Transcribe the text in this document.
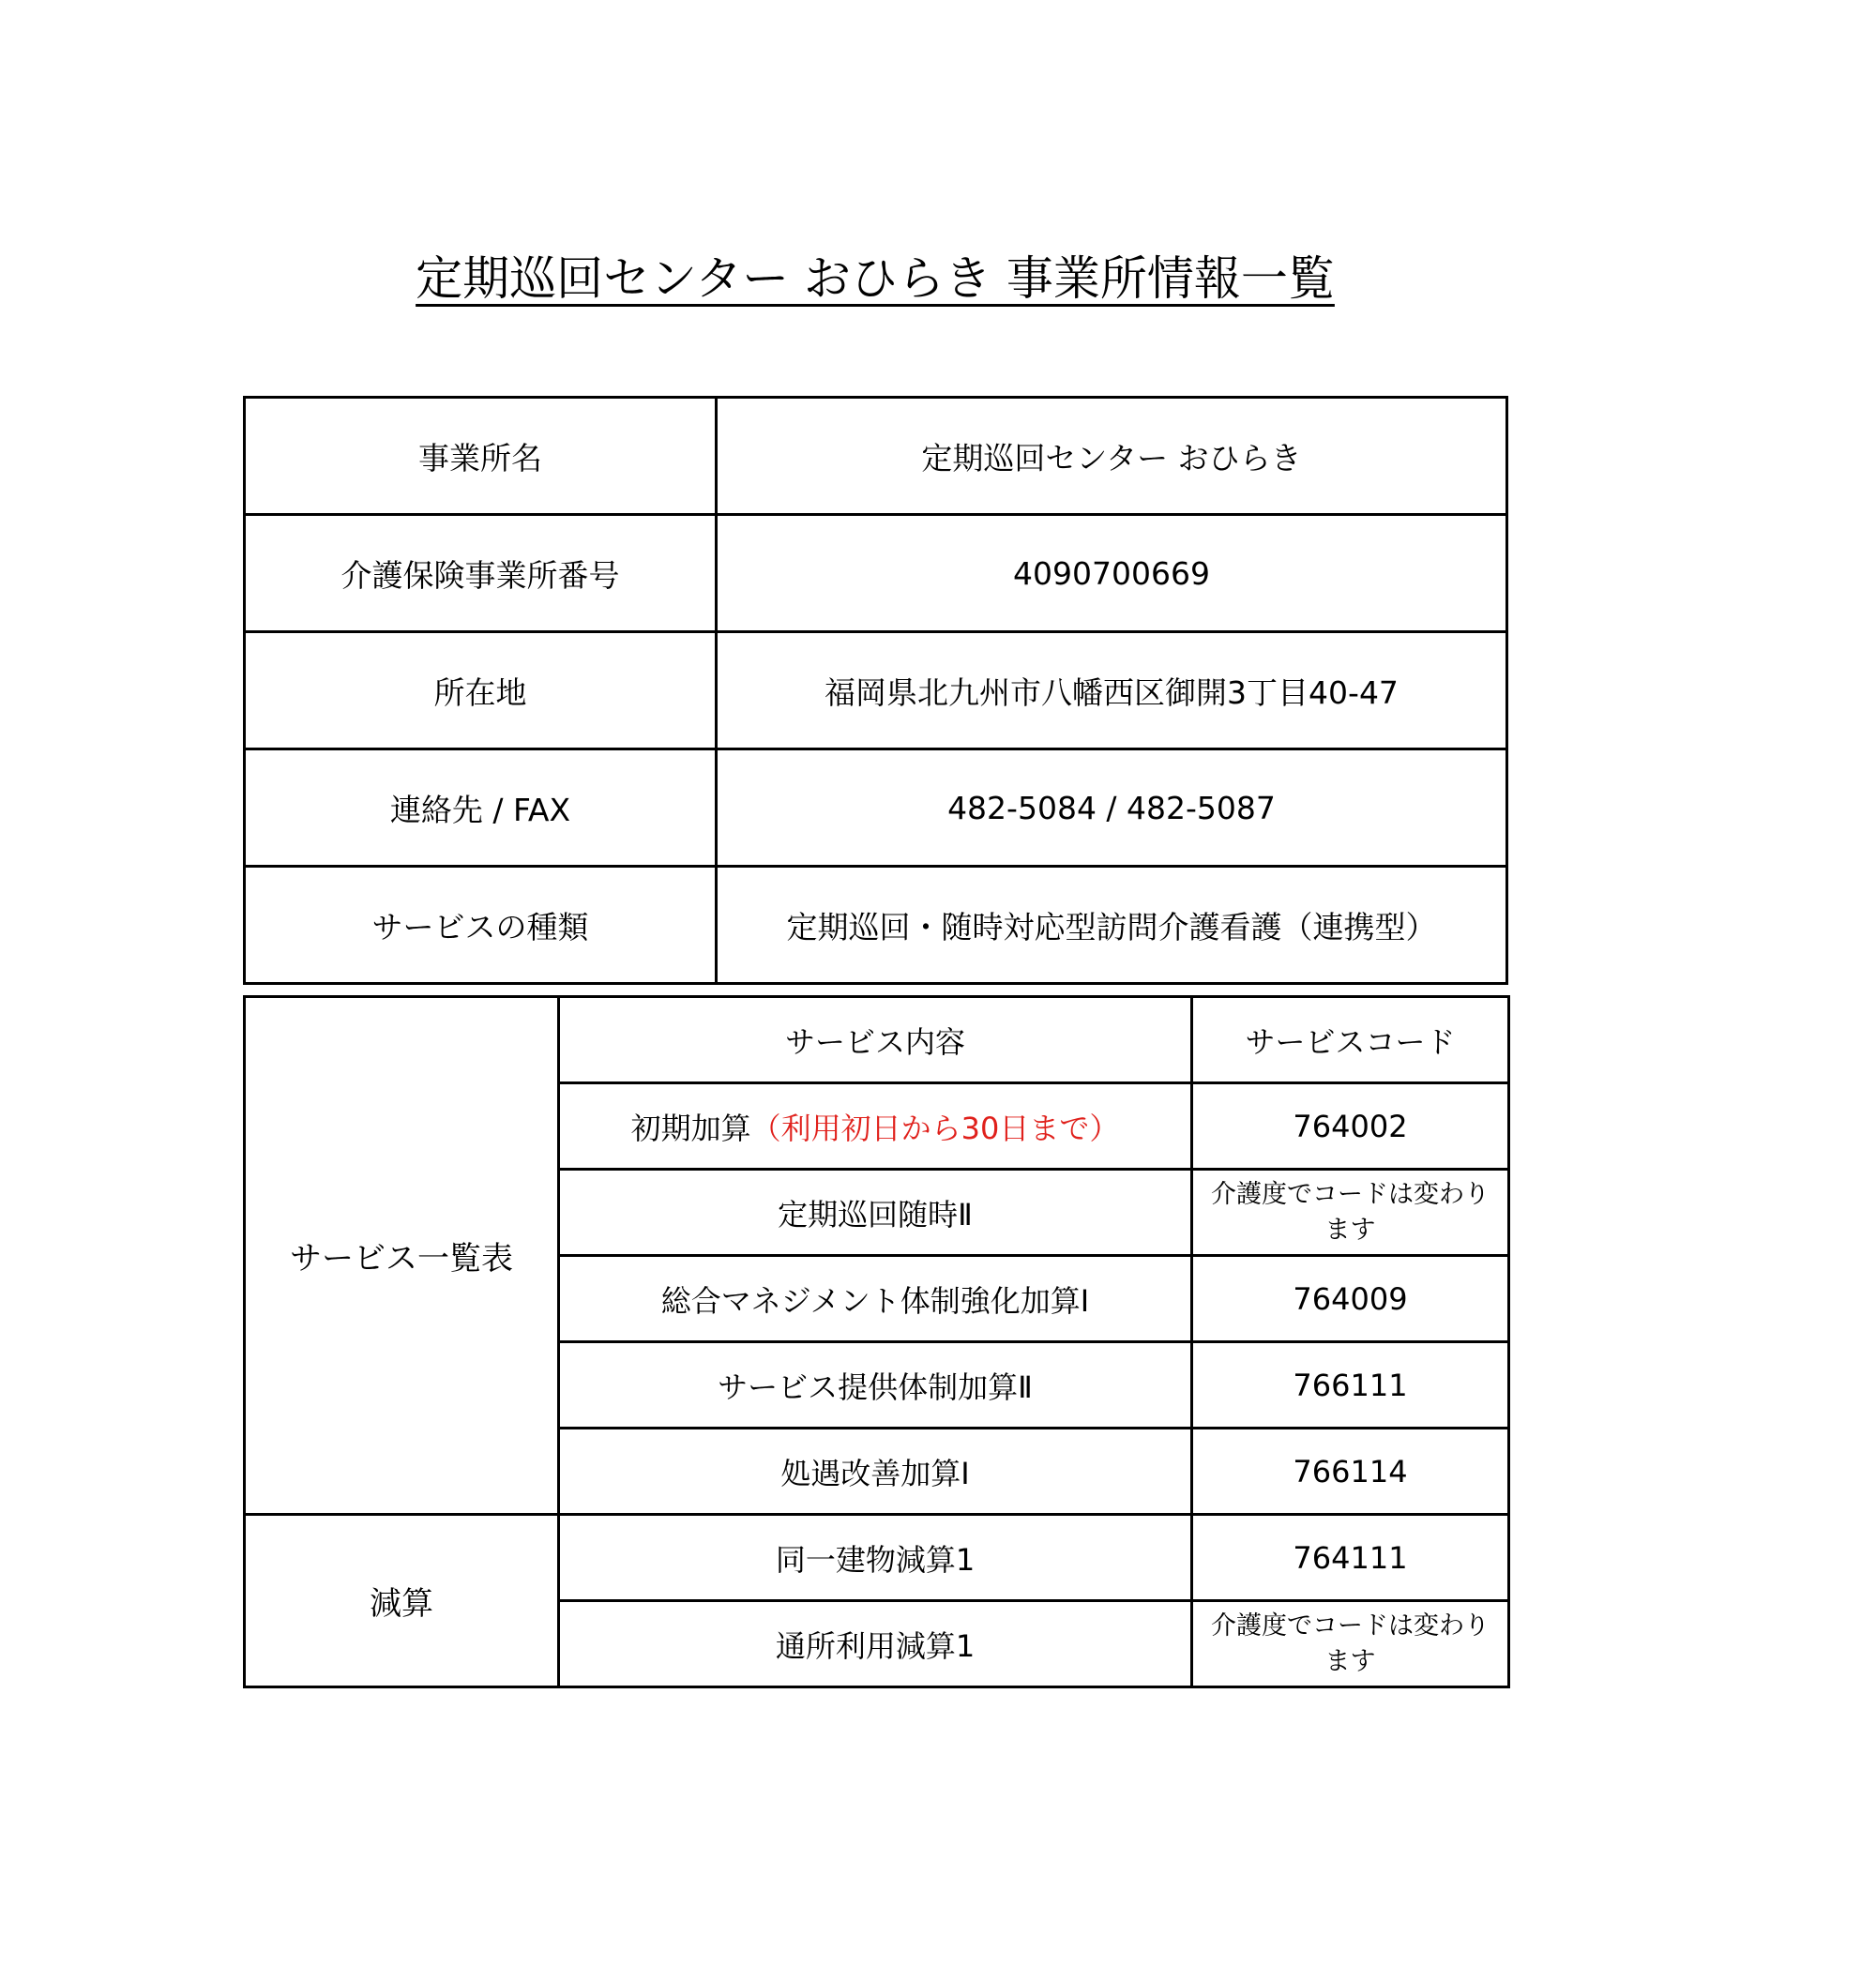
定期巡回センター おひらき 事業所情報一覧
事業所名	定期巡回センター おひらき
介護保険事業所番号	4090700669
所在地	福岡県北九州市八幡西区御開3丁目40-47
連絡先 / FAX	482-5084 / 482-5087
サービスの種類	定期巡回・随時対応型訪問介護看護（連携型）
サービス一覧表	サービス内容	サービスコード
	初期加算（利用初日から30日まで）	764002
	定期巡回随時Ⅱ	介護度でコードは変わります
	総合マネジメント体制強化加算Ⅰ	764009
	サービス提供体制加算Ⅱ	766111
	処遇改善加算Ⅰ	766114
減算	同一建物減算1	764111
	通所利用減算1	介護度でコードは変わります
